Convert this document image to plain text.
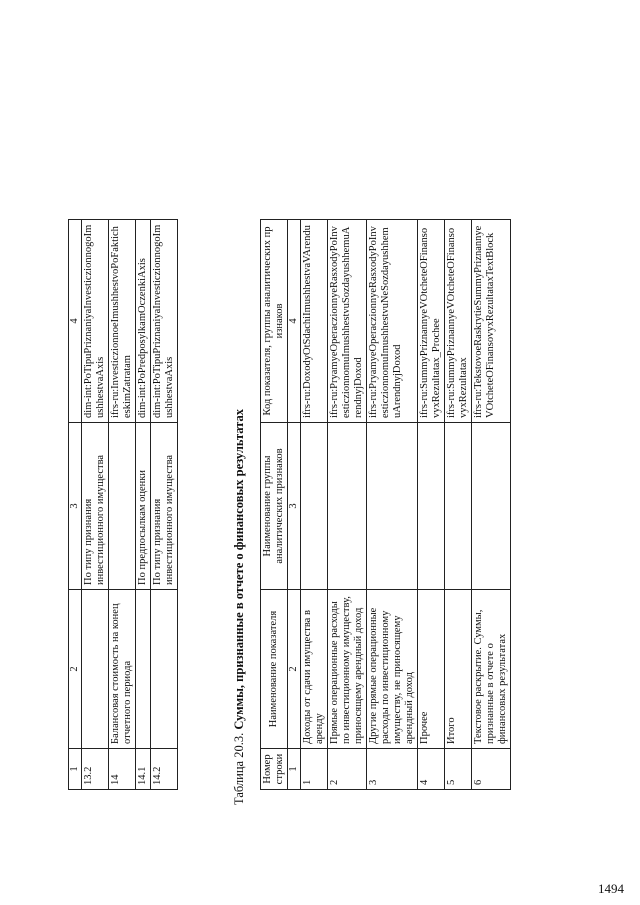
1	2	3	4
13.2		По типу признания инвестиционного имущества	dim-int:PoTipuPriznaniyaInvesticzionnogoImushhestvaAxis
14	Балансовая стоимость на конец отчетного периода		ifrs-ru:InvesticzionnoeImushhestvoPoFakticheskimZatratam
14.1		По предпосылкам оценки	dim-int:PoPredposylkamOczenkiAxis
14.2		По типу признания инвестиционного имущества	dim-int:PoTipuPriznaniyaInvesticzionnogoImushhestvaAxis
Таблица 20.3. Суммы, признанные в отчете о финансовых результатах
Номер строки	Наименование показателя	Наименование группы аналитических признаков	Код показателя, группы аналитических признаков
1	2	3	4
1	Доходы от сдачи имущества в аренду		ifrs-ru:DoxodyOtSdachiImushhestvaVArendu
2	Прямые операционные расходы по инвестиционному имуществу, приносящему арендный доход		ifrs-ru:PryamyeOperaczionnyeRasxodyPoInvesticzionnomuImushhestvuSozdayushhemuArendnyjDoxod
3	Другие прямые операционные расходы по инвестиционному имуществу, не приносящему арендный доход		ifrs-ru:PryamyeOperaczionnyeRasxodyPoInvesticzionnomuImushhestvuNeSozdayushhemuArendnyjDoxod
4	Прочее		ifrs-ru:SummyPriznannyeVOtcheteOFinansovyxRezultatax_Prochee
5	Итого		ifrs-ru:SummyPriznannyeVOtcheteOFinansovyxRezultatax
6	Текстовое раскрытие. Суммы, признанные в отчете о финансовых результатах		ifrs-ru:TekstovoeRaskrytieSummyPriznannyeVOtcheteOFinansovyxRezultataxTextBlock
1494
